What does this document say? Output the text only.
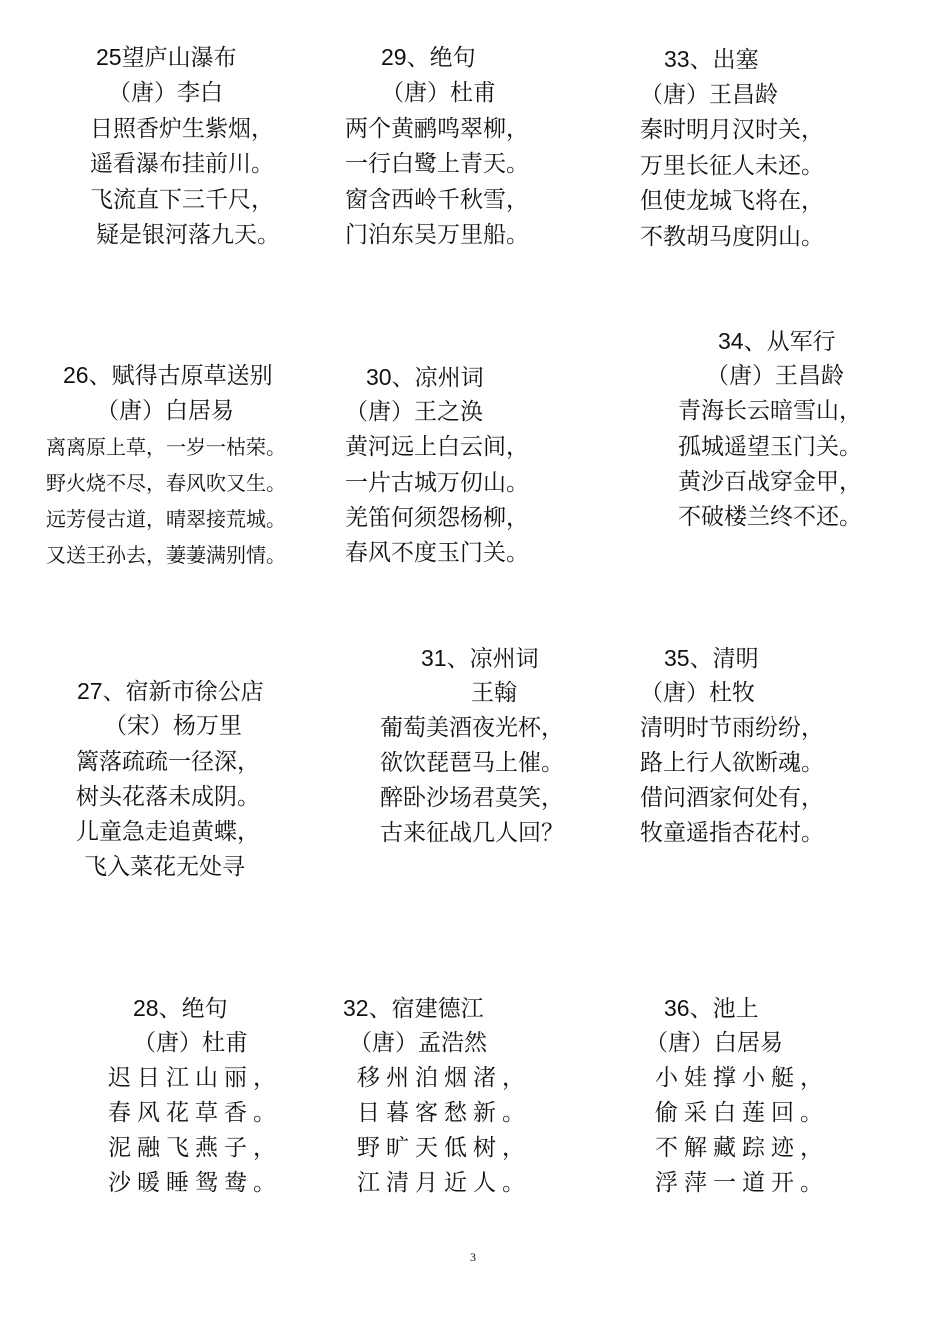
25望庐山瀑布
（唐）李白
日照香炉生紫烟，
遥看瀑布挂前川。
飞流直下三千尺，
疑是银河落九天。
29、绝句
（唐）杜甫
两个黄鹂鸣翠柳，
一行白鹭上青天。
窗含西岭千秋雪，
门泊东吴万里船。
33、出塞
（唐）王昌龄
秦时明月汉时关，
万里长征人未还。
但使龙城飞将在，
不教胡马度阴山。
26、赋得古原草送别
（唐）白居易
离离原上草，一岁一枯荣。
野火烧不尽，春风吹又生。
远芳侵古道，晴翠接荒城。
又送王孙去，萋萋满别情。
30、凉州词
（唐）王之涣
黄河远上白云间，
一片古城万仞山。
羌笛何须怨杨柳，
春风不度玉门关。
34、从军行
（唐）王昌龄
青海长云暗雪山，
孤城遥望玉门关。
黄沙百战穿金甲，
不破楼兰终不还。
27、宿新市徐公店
（宋）杨万里
篱落疏疏一径深，
树头花落未成阴。
儿童急走追黄蝶，
飞入菜花无处寻
31、凉州词
王翰
葡萄美酒夜光杯，
欲饮琵琶马上催。
醉卧沙场君莫笑，
古来征战几人回？
35、清明
（唐）杜牧
清明时节雨纷纷，
路上行人欲断魂。
借问酒家何处有，
牧童遥指杏花村。
28、绝句
（唐）杜甫
迟日江山丽，
春风花草香。
泥融飞燕子，
沙暖睡鸳鸯。
32、宿建德江
（唐）孟浩然
移州泊烟渚，
日暮客愁新。
野旷天低树，
江清月近人。
36、池上
（唐）白居易
小娃撑小艇，
偷采白莲回。
不解藏踪迹，
浮萍一道开。
3
